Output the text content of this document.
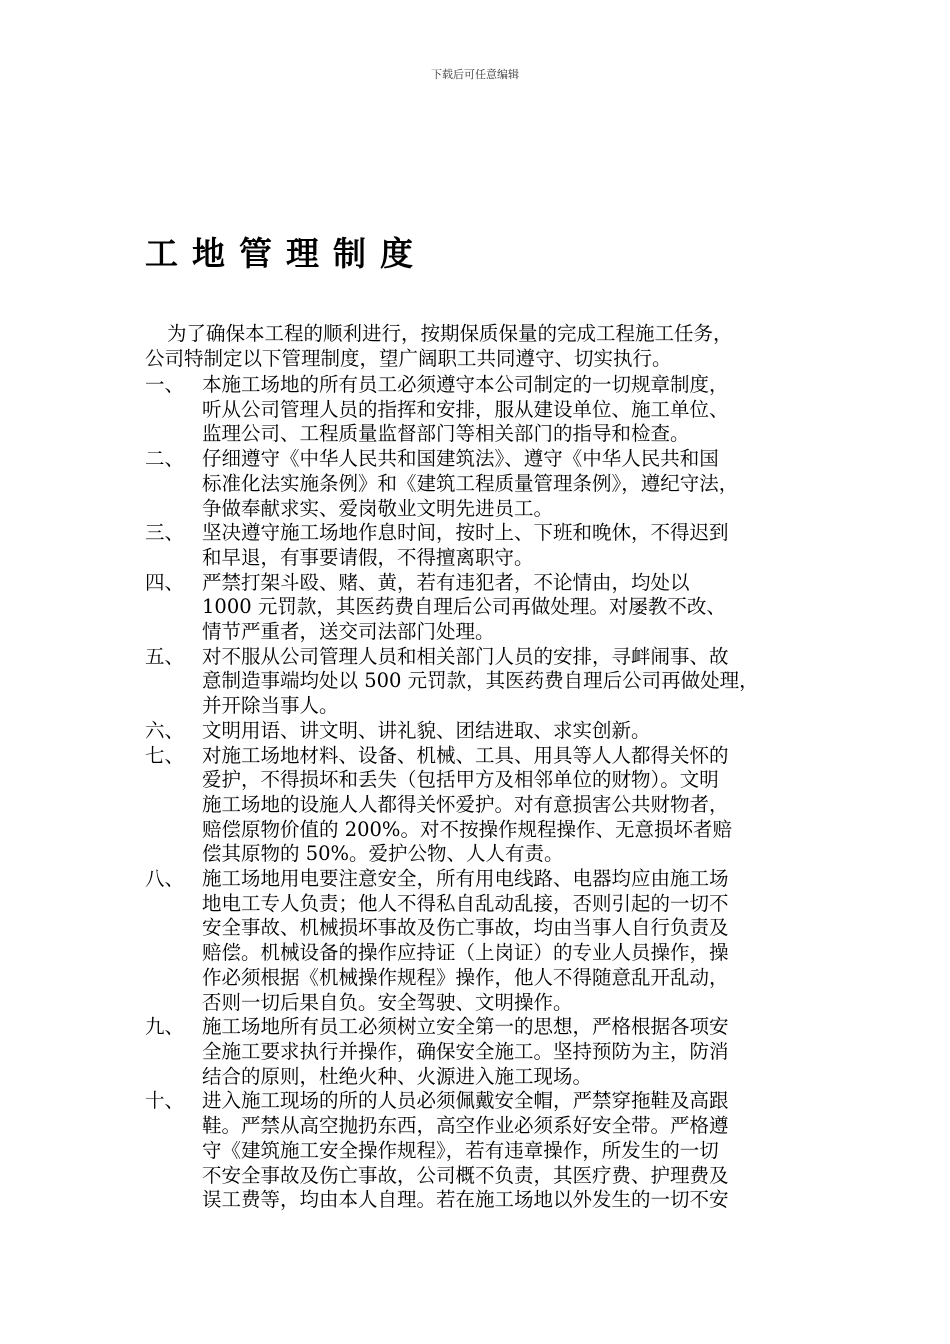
下载后可任意编辑
工地管理制度

为了确保本工程的顺利进行，按期保质保量的完成工程施工任务，
公司特制定以下管理制度，望广阔职工共同遵守、切实执行。

一、 本施工场地的所有员工必须遵守本公司制定的一切规章制度，
听从公司管理人员的指挥和安排，服从建设单位、施工单位、
监理公司、工程质量监督部门等相关部门的指导和检查。
二、 仔细遵守《中华人民共和国建筑法》、遵守《中华人民共和国
标准化法实施条例》和《建筑工程质量管理条例》，遵纪守法，
争做奉献求实、爱岗敬业文明先进员工。
三、 坚决遵守施工场地作息时间，按时上、下班和晚休，不得迟到
和早退，有事要请假，不得擅离职守。
四、 严禁打架斗殴、赌、黄，若有违犯者，不论情由，均处以
1000 元罚款，其医药费自理后公司再做处理。对屡教不改、
情节严重者，送交司法部门处理。
五、 对不服从公司管理人员和相关部门人员的安排，寻衅闹事、故
意制造事端均处以 500 元罚款，其医药费自理后公司再做处理，
并开除当事人。
六、 文明用语、讲文明、讲礼貌、团结进取、求实创新。
七、 对施工场地材料、设备、机械、工具、用具等人人都得关怀的
爱护，不得损坏和丢失（包括甲方及相邻单位的财物）。文明
施工场地的设施人人都得关怀爱护。对有意损害公共财物者，
赔偿原物价值的 200%。对不按操作规程操作、无意损坏者赔
偿其原物的 50%。爱护公物、人人有责。
八、 施工场地用电要注意安全，所有用电线路、电器均应由施工场
地电工专人负责；他人不得私自乱动乱接，否则引起的一切不
安全事故、机械损坏事故及伤亡事故，均由当事人自行负责及
赔偿。机械设备的操作应持证（上岗证）的专业人员操作，操
作必须根据《机械操作规程》操作，他人不得随意乱开乱动，
否则一切后果自负。安全驾驶、文明操作。
九、 施工场地所有员工必须树立安全第一的思想，严格根据各项安
全施工要求执行并操作，确保安全施工。坚持预防为主，防消
结合的原则，杜绝火种、火源进入施工现场。
十、 进入施工现场的所的人员必须佩戴安全帽，严禁穿拖鞋及高跟
鞋。严禁从高空抛扔东西，高空作业必须系好安全带。严格遵
守《建筑施工安全操作规程》，若有违章操作，所发生的一切
不安全事故及伤亡事故，公司概不负责，其医疗费、护理费及
误工费等，均由本人自理。若在施工场地以外发生的一切不安
